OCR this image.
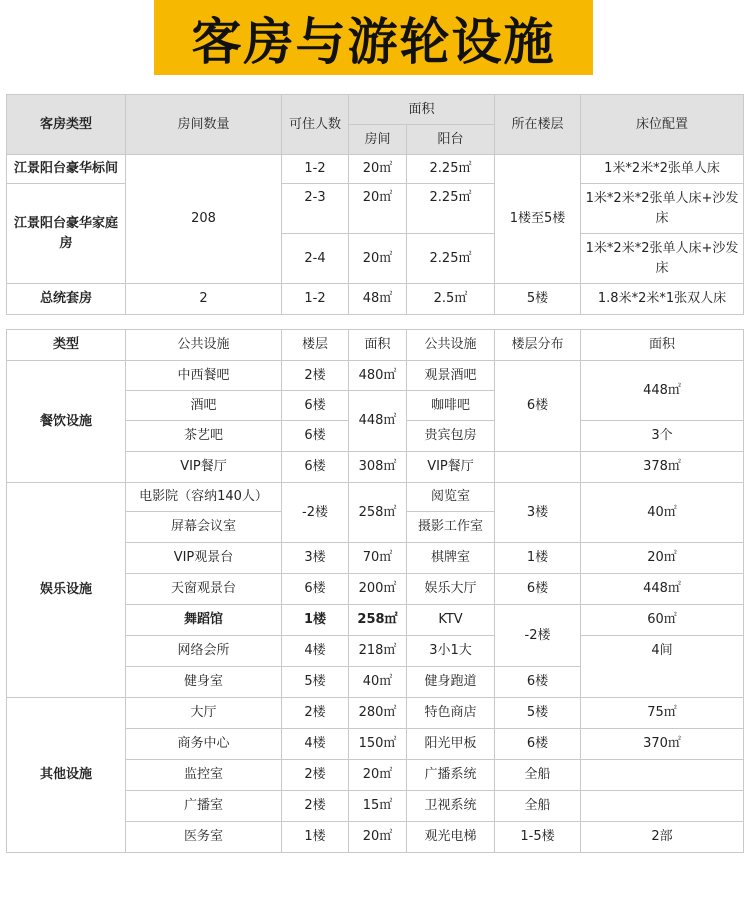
客房与游轮设施
客房类型	房间数量	可住人数	面积		所在楼层	床位配置
			房间	阳台		
江景阳台豪华标间	208	1-2	20㎡	2.25㎡	1楼至5楼	1米*2米*2张单人床
江景阳台豪华家庭房		2-3	20㎡	2.25㎡		1米*2米*2张单人床+沙发床
		2-4	20㎡	2.25㎡		1米*2米*2张单人床+沙发床
总统套房	2	1-2	48㎡	2.5㎡	5楼	1.8米*2米*1张双人床
类型	公共设施	楼层	面积	公共设施	楼层分布	面积
餐饮设施	中西餐吧	2楼	480㎡	观景酒吧	6楼	448㎡
	酒吧	6楼	448㎡	咖啡吧		
	茶艺吧	6楼		贵宾包房		3个
	VIP餐厅	6楼	308㎡	VIP餐厅		378㎡
娱乐设施	电影院（容纳140人）	-2楼	258㎡	阅览室	3楼	40㎡
	屏幕会议室			摄影工作室		
	VIP观景台	3楼	70㎡	棋牌室	1楼	20㎡
	天窗观景台	6楼	200㎡	娱乐大厅	6楼	448㎡
	舞蹈馆	1楼	258㎡	KTV	-2楼	60㎡
	网络会所	4楼	218㎡	3小1大		4间
	健身室	5楼	40㎡	健身跑道	6楼	
其他设施	大厅	2楼	280㎡	特色商店	5楼	75㎡
	商务中心	4楼	150㎡	阳光甲板	6楼	370㎡
	监控室	2楼	20㎡	广播系统	全船	
	广播室	2楼	15㎡	卫视系统	全船	
	医务室	1楼	20㎡	观光电梯	1-5楼	2部
